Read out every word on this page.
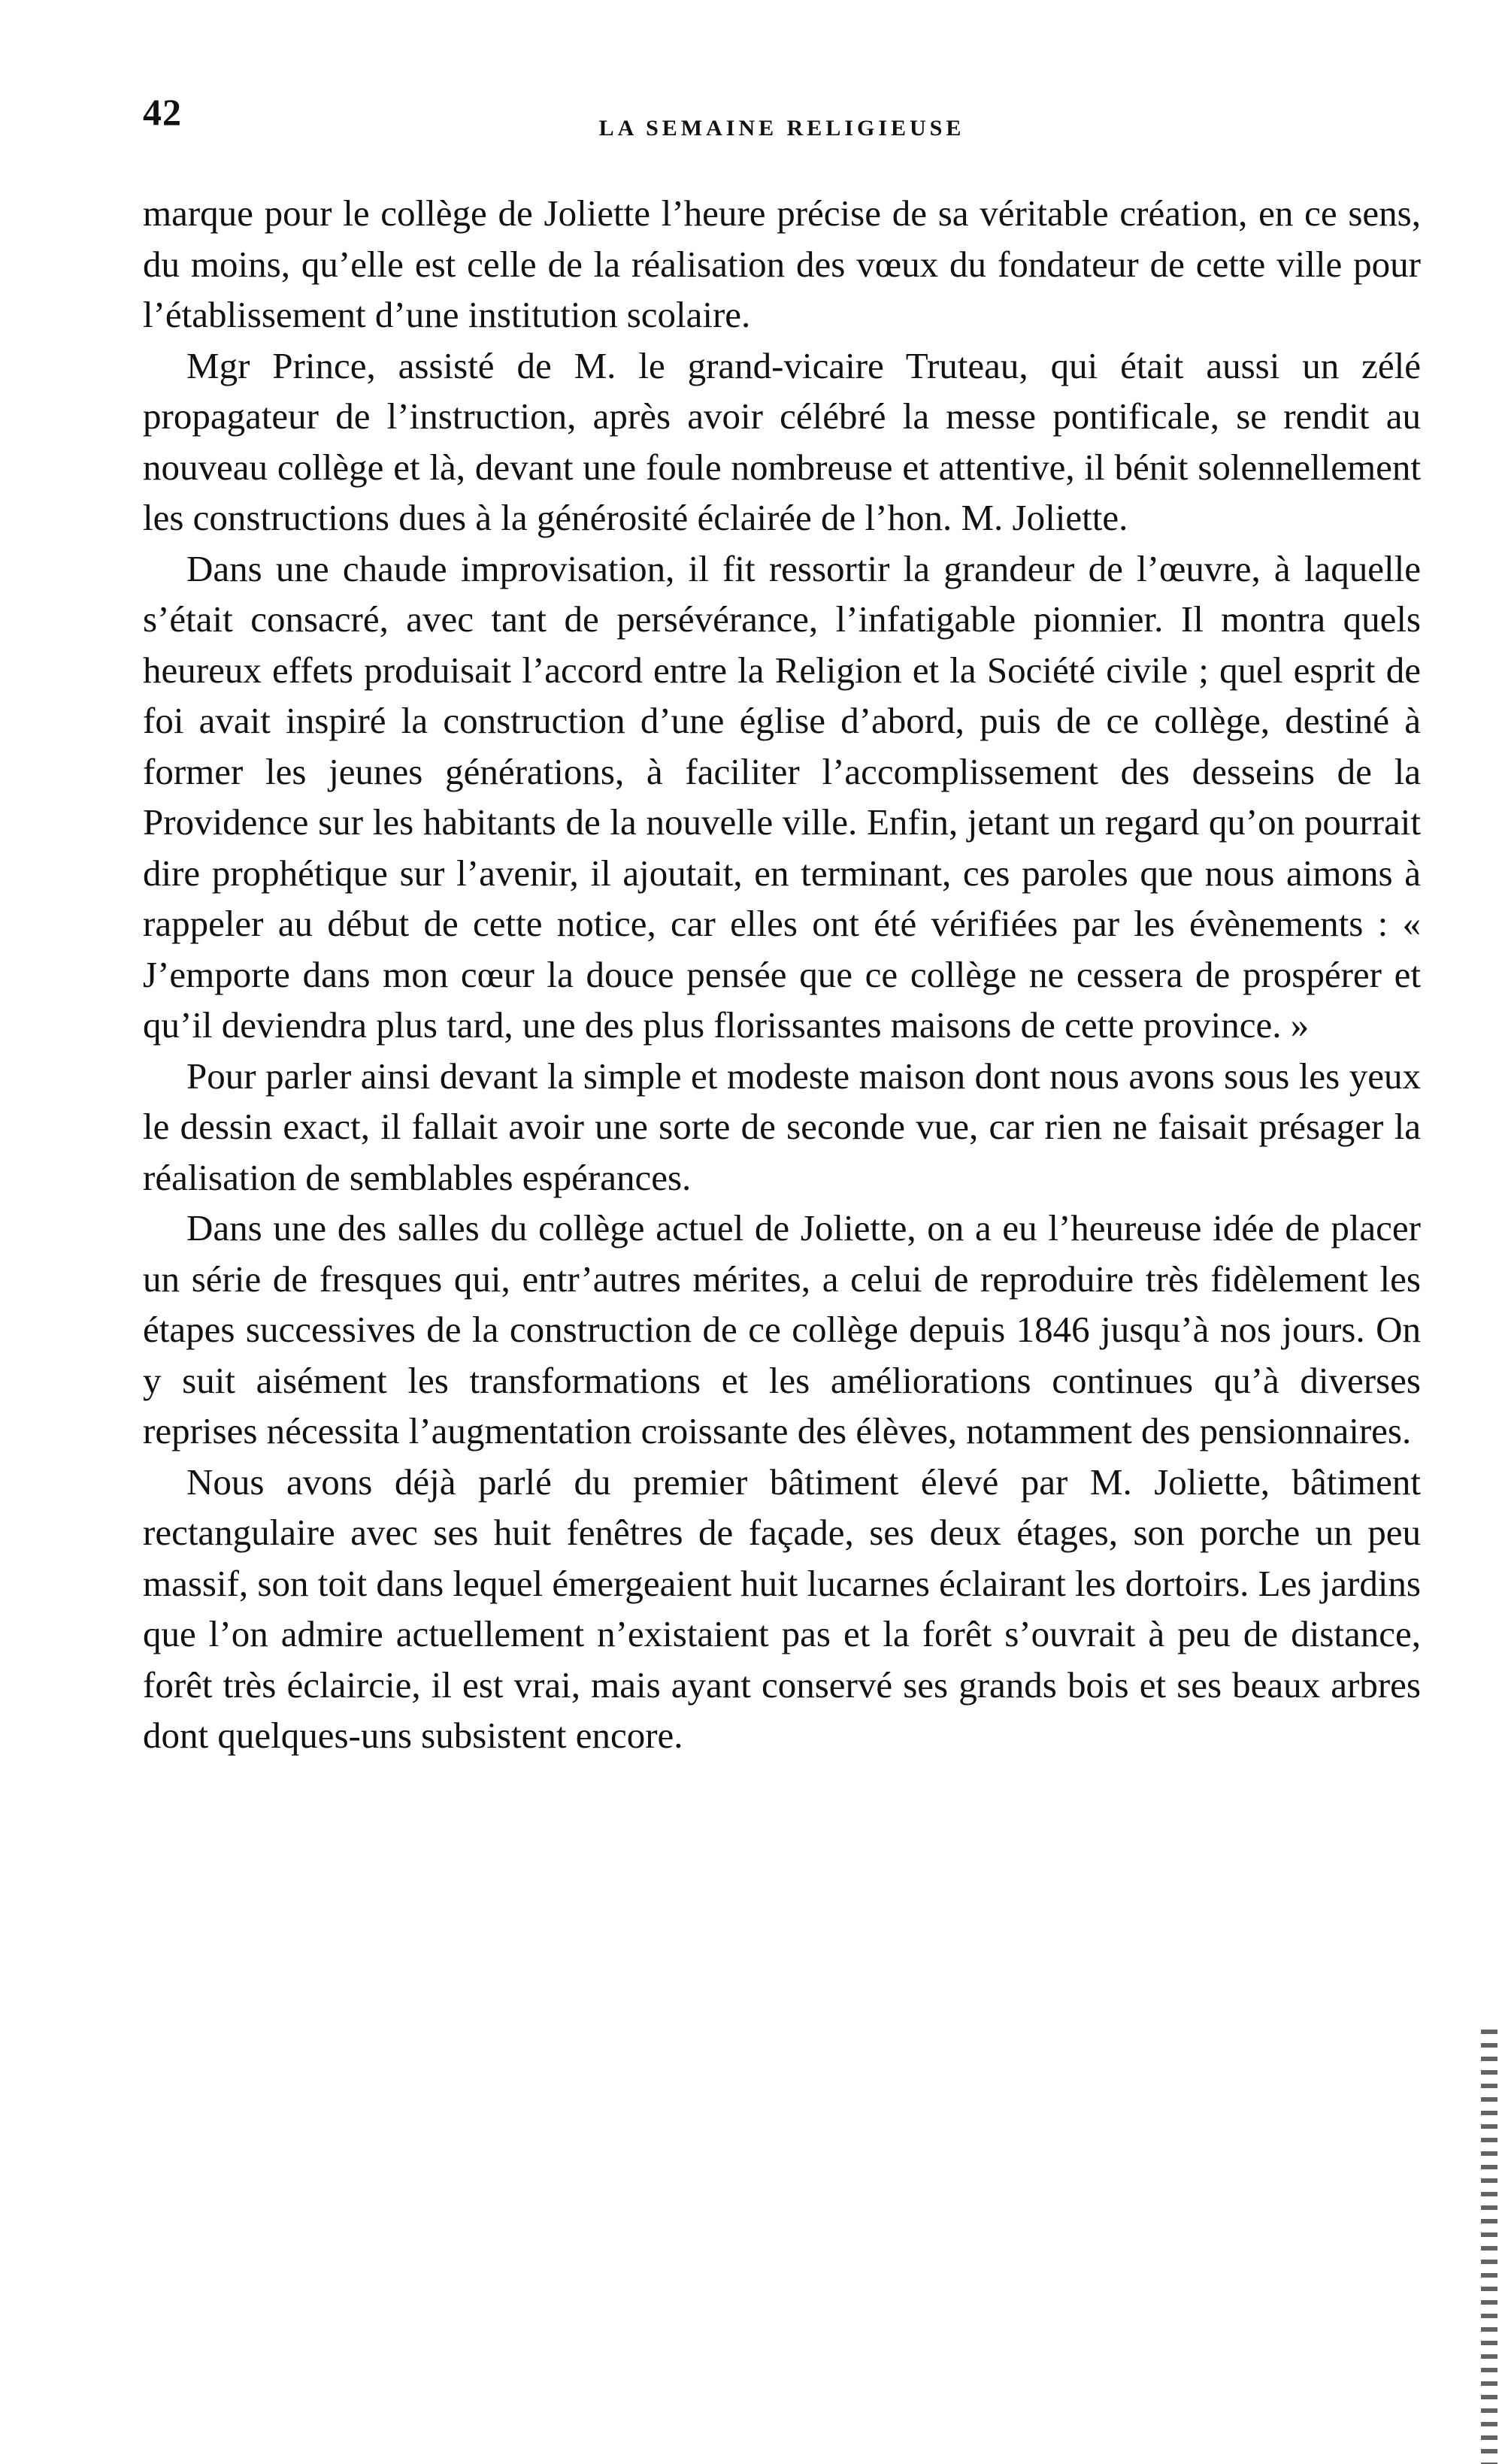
42	LA SEMAINE RELIGIEUSE

marque pour le collège de Joliette l’heure précise de sa véritable création, en ce sens, du moins, qu’elle est celle de la réalisation des vœux du fondateur de cette ville pour l’établissement d’une institution scolaire.

Mgr Prince, assisté de M. le grand-vicaire Truteau, qui était aussi un zélé propagateur de l’instruction, après avoir célébré la messe pontificale, se rendit au nouveau collège et là, devant une foule nombreuse et attentive, il bénit solennellement les constructions dues à la générosité éclairée de l’hon. M. Joliette.

Dans une chaude improvisation, il fit ressortir la grandeur de l’œuvre, à laquelle s’était consacré, avec tant de persévérance, l’infatigable pionnier. Il montra quels heureux effets produisait l’accord entre la Religion et la Société civile ; quel esprit de foi avait inspiré la construction d’une église d’abord, puis de ce collège, destiné à former les jeunes générations, à faciliter l’accomplissement des desseins de la Providence sur les habitants de la nouvelle ville. Enfin, jetant un regard qu’on pourrait dire prophétique sur l’avenir, il ajoutait, en terminant, ces paroles que nous aimons à rappeler au début de cette notice, car elles ont été vérifiées par les évènements : « J’emporte dans mon cœur la douce pensée que ce collège ne cessera de prospérer et qu’il deviendra plus tard, une des plus florissantes maisons de cette province. »

Pour parler ainsi devant la simple et modeste maison dont nous avons sous les yeux le dessin exact, il fallait avoir une sorte de seconde vue, car rien ne faisait présager la réalisation de semblables espérances.

Dans une des salles du collège actuel de Joliette, on a eu l’heureuse idée de placer un série de fresques qui, entr’autres mérites, a celui de reproduire très fidèlement les étapes successives de la construction de ce collège depuis 1846 jusqu’à nos jours. On y suit aisément les transformations et les améliorations continues qu’à diverses reprises nécessita l’augmentation croissante des élèves, notamment des pensionnaires.

Nous avons déjà parlé du premier bâtiment élevé par M. Joliette, bâtiment rectangulaire avec ses huit fenêtres de façade, ses deux étages, son porche un peu massif, son toit dans lequel émergeaient huit lucarnes éclairant les dortoirs. Les jardins que l’on admire actuellement n’existaient pas et la forêt s’ouvrait à peu de distance, forêt très éclaircie, il est vrai, mais ayant conservé ses grands bois et ses beaux arbres dont quelques-uns subsistent encore.
